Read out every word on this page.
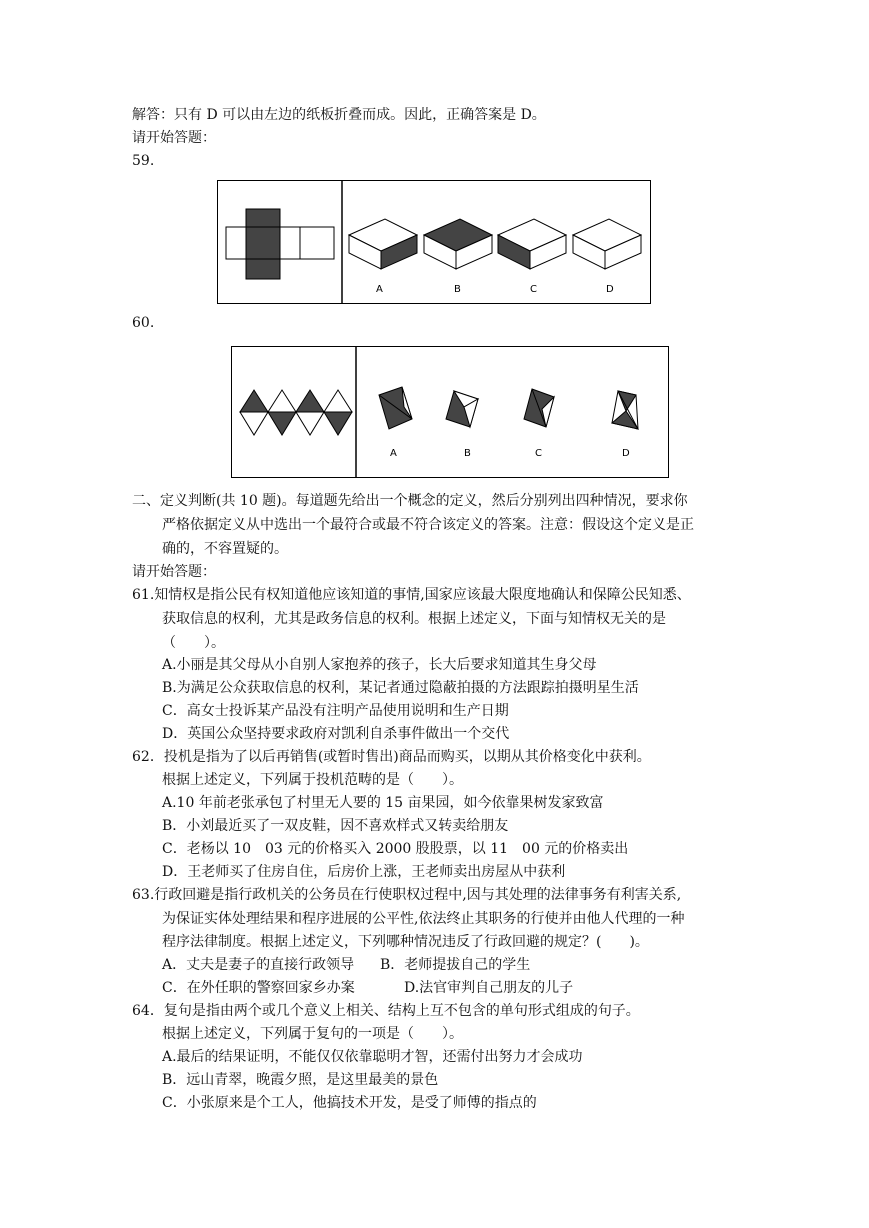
解答：只有 D 可以由左边的纸板折叠而成。因此，正确答案是 D。
请开始答题：
59.
A	B	C	D
60.
A	B	C	D
二、定义判断(共 10 题)。每道题先给出一个概念的定义，然后分别列出四种情况，要求你
严格依据定义从中选出一个最符合或最不符合该定义的答案。注意：假设这个定义是正
确的，不容置疑的。
请开始答题：
61.知情权是指公民有权知道他应该知道的事情,国家应该最大限度地确认和保障公民知悉、
获取信息的权利，尤其是政务信息的权利。根据上述定义，下面与知情权无关的是
（　　）。
A.小丽是其父母从小自别人家抱养的孩子，长大后要求知道其生身父母
B.为满足公众获取信息的权利，某记者通过隐蔽拍摄的方法跟踪拍摄明星生活
C．高女士投诉某产品没有注明产品使用说明和生产日期
D．英国公众坚持要求政府对凯利自杀事件做出一个交代
62．投机是指为了以后再销售(或暂时售出)商品而购买，以期从其价格变化中获利。
根据上述定义，下列属于投机范畴的是（　　）。
A.10 年前老张承包了村里无人要的 15 亩果园，如今依靠果树发家致富
B．小刘最近买了一双皮鞋，因不喜欢样式又转卖给朋友
C．老杨以 10　03 元的价格买入 2000 股股票，以 11　00 元的价格卖出
D．王老师买了住房自住，后房价上涨，王老师卖出房屋从中获利
63.行政回避是指行政机关的公务员在行使职权过程中,因与其处理的法律事务有利害关系,
为保证实体处理结果和程序进展的公平性,依法终止其职务的行使并由他人代理的一种
程序法律制度。根据上述定义，下列哪种情况违反了行政回避的规定？(　　)。
A．丈夫是妻子的直接行政领导 B．老师提拔自己的学生
C．在外任职的警察回家乡办案	D.法官审判自己朋友的儿子
64．复句是指由两个或几个意义上相关、结构上互不包含的单句形式组成的句子。
根据上述定义，下列属于复句的一项是（　　）。
A.最后的结果证明，不能仅仅依靠聪明才智，还需付出努力才会成功
B．远山青翠，晚霞夕照，是这里最美的景色
C．小张原来是个工人，他搞技术开发，是受了师傅的指点的
